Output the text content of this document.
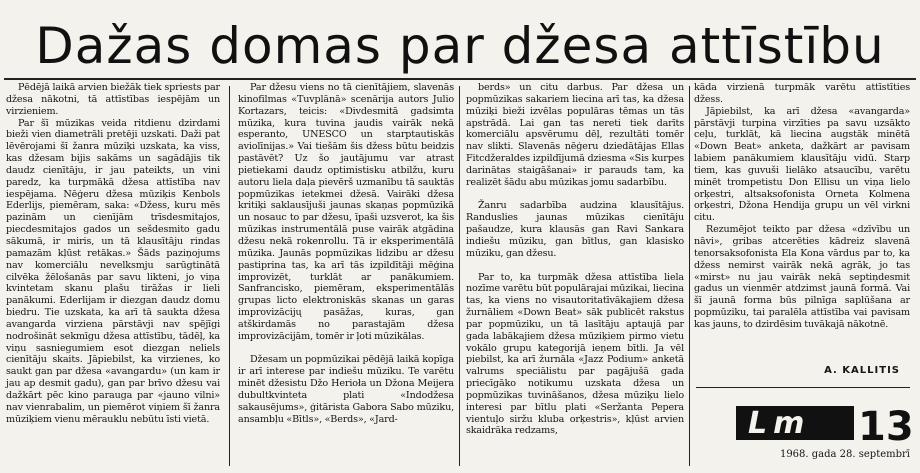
Dažas domas par džesa attīstību

Pēdējā laikā arvien biežāk tiek spriests par džesa nākotni, tā attīstības iespējām un virzieniem.

Par šī mūzikas veida ritdienu dzirdami bieži vien diametrāli pretēji uzskati. Daži pat lēvērojami šī žanra mūziķi uzskata, ka viss, kas džesam bijis sakāms un sagādājis tik daudz cienītāju, ir jau pateikts, un vini paredz, ka turpmākā džesa attīstība nav iespējama. Nēģeru džesa mūziķis Kenbols Ederlijs, piemēram, saka: «Džess, kuru mēs pazinām un cienījām trīsdesmitajos, piecdesmitajos gados un sešdesmito gadu sākumā, ir miris, un tā klausītāju rindas pamazām kļūst retākas.» Šāds paziņojums nav komerciālu nevelksmju sarūgtinātā cilvēka žēlošanās par savu likteni, jo viņa kvintetam skanu plašu tirāžas ir lieli panākumi. Ederlijam ir diezgan daudz domu biedru. Tie uzskata, ka arī tā saukta džesa avangarda virziena pārstāvji nav spējīgi nodrošināt sekmīgu džesa attīstību, tādēļ, ka viņu sasniegumiem esot diezgan neliels cienītāju skaits. Jāpiebilst, ka virzienes, ko saukt gan par džesa «avangardu» (un kam ir jau ap desmit gadu), gan par brīvo džesu vai dažkārt pēc kino parauga par «jauno vilni» nav vienrabalim, un piemērot viņiem šī žanra mūziķiem vienu mērauklu nebūtu īsti vietā.

Par džesu viens no tā cienītājiem, slavenās kinofilmas «Tuvplānā» scenārija autors Julio Kortazars, teicis: «Divdesmitā gadsimta mūzika, kura tuvina jaudis vairāk nekā esperanto, UNESCO un starptautiskās aviolīnijas.» Vai tiešām šis džess būtu beidzis pastāvēt? Uz šo jautājumu var atrast pietiekami daudz optimistisku atbilžu, kuru autoru liela daļa pievērš uzmanību tā sauktās popmūzikas ietekmei džesā. Vairāki džesa kritiķi saklausījuši jaunas skaņas popmūzikā un nosauc to par džesu, īpaši uzsverot, ka šis mūzikas instrumentālā puse vairāk atgādina džesu nekā rokenrollu. Tā ir eksperimentālā mūzika. Jaunās popmūzikas lidzibu ar džesu pastiprina tas, ka arī tās izpildītāji mēģina improvizēt, turklāt ar panākumiem. Sanfrancisko, piemēram, eksperimentālās grupas licto elektroniskās skanas un garas improvizācijų pasāžas, kuras, gan atškirdamās no parastajām džesa improvizācijām, tomēr ir ļoti mūzikālas.

Džesam un popmūzikai pēdējā laikā kopīga ir arī interese par indiešu mūziku. Te varētu minēt džesistu Džo Herioła un Džona Meijera dubultkvinteta plati «Indodžesa sakausējums», ģitārista Gabora Sabo mūziku, ansambļu «Bītls», «Berds», «Jard-

berds» un citu darbus. Par džesa un popmūzikas sakariem liecina arī tas, ka džesa mūziķi bieži izvēlas populāras tēmas un tās apstrādā. Lai gan tas nereti tiek darīts komerciālu apsvērumu dēļ, rezultāti tomēr nav slikti. Slavenās nēģeru dziedātājas Ellas Fitcdžeraldes izpildījumā dziesma «Sis kurpes darinātas staigāšanai» ir parauds tam, ka realizēt šādu abu mūzikas jomu sadarbību.

Žanru sadarbība audzina klausītājus. Randuslies jaunas mūzikas cienītāju pašaudze, kura klausās gan Ravi Sankara indiešu mūziku, gan bītlus, gan klasisko mūziku, gan džesu.

Par to, ka turpmāk džesa attīstība liela nozīme varētu būt populārajai mūzikai, liecina tas, ka viens no visautoritatīvākajiem džesa žurnāliem «Down Beat» sāk publicēt rakstus par popmūziku, un tā lasītāju aptaujā par gada labākajiem džesa mūziķiem pirmo vietu vokālo grupu kategorijā ieņem bītli. Ja vēl piebilst, ka arī žurnāla «Jazz Podium» anketā valrums speciālistu par pagājušā gada priecīgāko notikumu uzskata džesa un popmūzikas tuvināšanos, džesa mūziķu lielo interesi par bītlu plati «Seržanta Pepera vientuļo siržu kluba orķestris», kļūst arvien skaidrāka redzams,

kāda virzienā turpmāk varētu attīstīties džess.

Jāpiebilst, ka arī džesa «avangarda» pārstāvji turpina virzīties pa savu uzsākto ceļu, turklāt, kā liecina augstāk minētā «Down Beat» anketa, dažkārt ar pavisam labiem panākumiem klausītāju vidū. Starp tiem, kas guvuši lielāko atsaucību, varētu minēt trompetistu Don Ellisu un viņa lielo orķestri, altsaksofonista Orneta Kolmena orķestri, Džona Hendija grupu un vēl virkni citu.

Rezumējot teikto par džesa «dzīvību un nāvi», gribas atcerēties kādreiz slavenā tenorsaksofonista Ela Kona vārdus par to, ka džess nemirst vairāk nekā agrāk, jo tas «mirst» nu jau vairāk nekā septiņdesmit gadus un vienmēr atdzimst jaunā formā. Vai šī jaunā forma būs pilnīga saplūšana ar popmūziku, tai paralēla attīstība vai pavisam kas jauns, to dzirdēsim tuvākajā nākotnē.

A. KALLITIS
Lm 13
1968. gada 28. septembrī
